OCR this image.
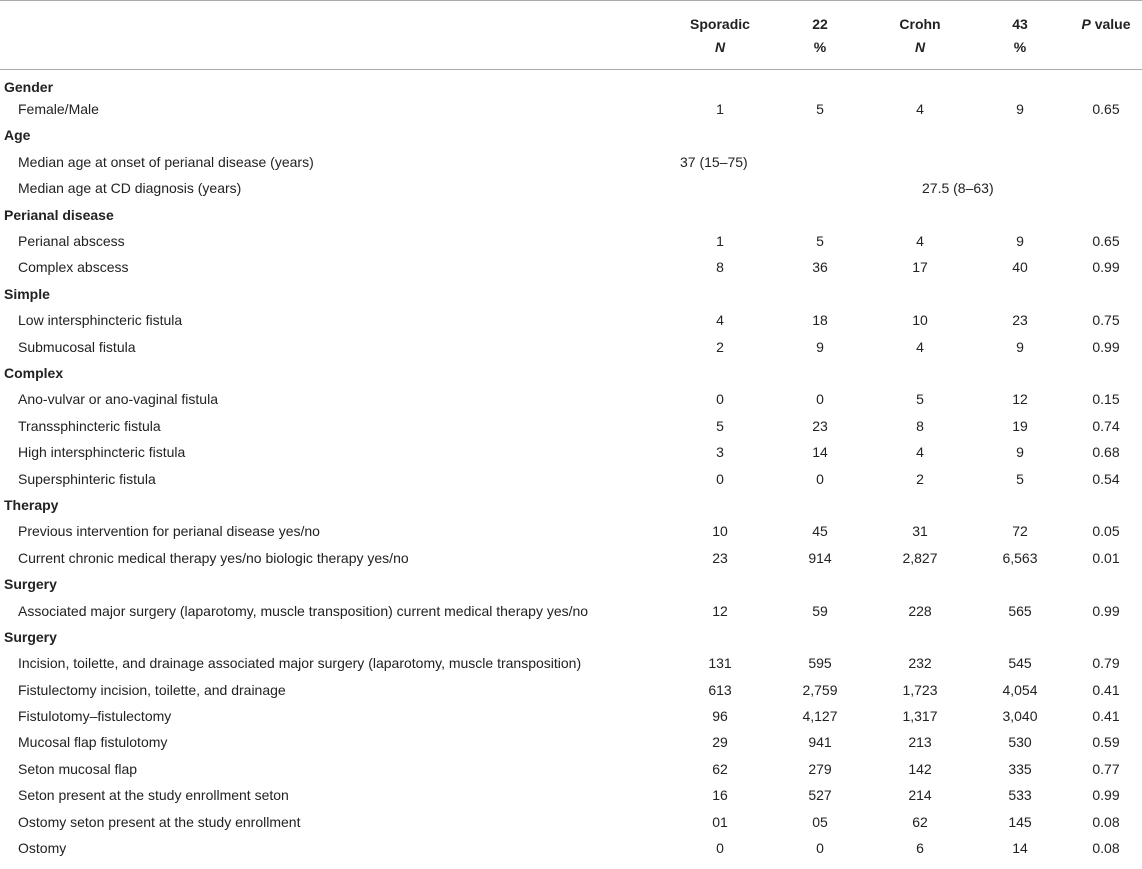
	Sporadic	22	Crohn	43	P value
	N	%	N	%	
Gender					
Female/Male	1	5	4	9	0.65
Age					
Median age at onset of perianal disease (years)	37 (15–75)				
Median age at CD diagnosis (years)			27.5 (8–63)		
Perianal disease					
Perianal abscess	1	5	4	9	0.65
Complex abscess	8	36	17	40	0.99
Simple					
Low intersphincteric fistula	4	18	10	23	0.75
Submucosal fistula	2	9	4	9	0.99
Complex					
Ano-vulvar or ano-vaginal fistula	0	0	5	12	0.15
Transsphincteric fistula	5	23	8	19	0.74
High intersphincteric fistula	3	14	4	9	0.68
Supersphinteric fistula	0	0	2	5	0.54
Therapy					
Previous intervention for perianal disease yes/no	10	45	31	72	0.05
Current chronic medical therapy yes/no biologic therapy yes/no	23	914	2,827	6,563	0.01
Surgery					
Associated major surgery (laparotomy, muscle transposition) current medical therapy yes/no	12	59	228	565	0.99
Surgery					
Incision, toilette, and drainage associated major surgery (laparotomy, muscle transposition)	131	595	232	545	0.79
Fistulectomy incision, toilette, and drainage	613	2,759	1,723	4,054	0.41
Fistulotomy–fistulectomy	96	4,127	1,317	3,040	0.41
Mucosal flap fistulotomy	29	941	213	530	0.59
Seton mucosal flap	62	279	142	335	0.77
Seton present at the study enrollment seton	16	527	214	533	0.99
Ostomy seton present at the study enrollment	01	05	62	145	0.08
Ostomy	0	0	6	14	0.08
